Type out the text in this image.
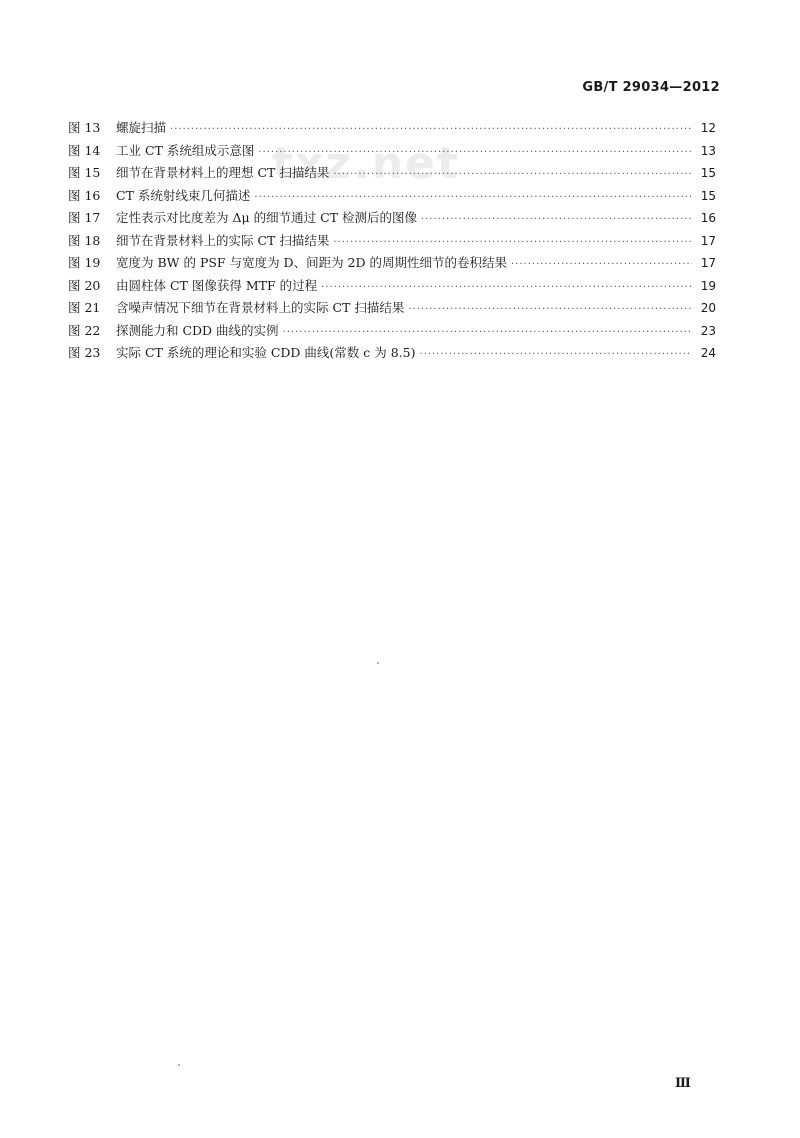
GB/T 29034—2012
txz.net
图 13	螺旋扫描 ·····	12
图 14	工业 CT 系统组成示意图 ·····	13
图 15	细节在背景材料上的理想 CT 扫描结果 ·····	15
图 16	CT 系统射线束几何描述 ·····	15
图 17	定性表示对比度差为 Δμ 的细节通过 CT 检测后的图像 ·····	16
图 18	细节在背景材料上的实际 CT 扫描结果 ·····	17
图 19	宽度为 BW 的 PSF 与宽度为 D、间距为 2D 的周期性细节的卷积结果 ·····	17
图 20	由圆柱体 CT 图像获得 MTF 的过程 ·····	19
图 21	含噪声情况下细节在背景材料上的实际 CT 扫描结果 ·····	20
图 22	探测能力和 CDD 曲线的实例 ·····	23
图 23	实际 CT 系统的理论和实验 CDD 曲线(常数 c 为 8.5) ·····	24
Ⅲ
